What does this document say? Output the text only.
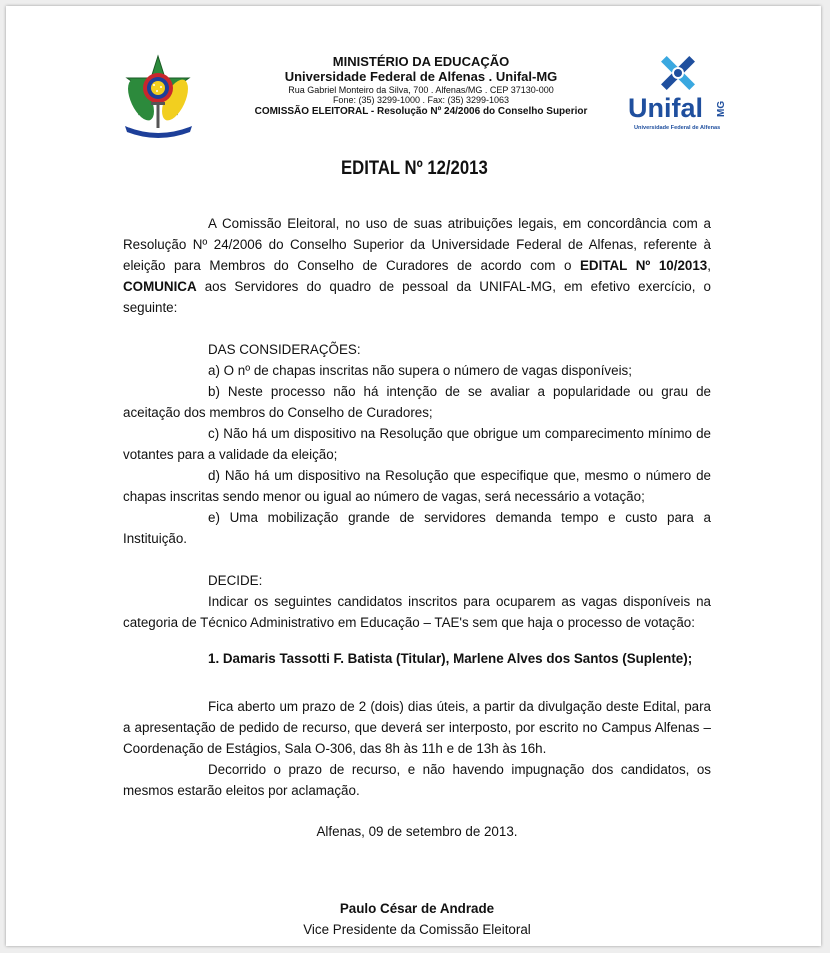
MINISTÉRIO DA EDUCAÇÃO
Universidade Federal de Alfenas . Unifal-MG
Rua Gabriel Monteiro da Silva, 700 . Alfenas/MG . CEP 37130-000
Fone: (35) 3299-1000 . Fax: (35) 3299-1063
COMISSÃO ELEITORAL - Resolução Nº 24/2006 do Conselho Superior	Unifal MG
Universidade Federal de Alfenas
EDITAL Nº 12/2013

A Comissão Eleitoral, no uso de suas atribuições legais, em concordância com a Resolução Nº 24/2006 do Conselho Superior da Universidade Federal de Alfenas, referente à eleição para Membros do Conselho de Curadores de acordo com o EDITAL Nº 10/2013, COMUNICA aos Servidores do quadro de pessoal da UNIFAL-MG, em efetivo exercício, o seguinte:

DAS CONSIDERAÇÕES:

a) O nº de chapas inscritas não supera o número de vagas disponíveis;

b) Neste processo não há intenção de se avaliar a popularidade ou grau de aceitação dos membros do Conselho de Curadores;

c) Não há um dispositivo na Resolução que obrigue um comparecimento mínimo de votantes para a validade da eleição;

d) Não há um dispositivo na Resolução que especifique que, mesmo o número de chapas inscritas sendo menor ou igual ao número de vagas, será necessário a votação;

e) Uma mobilização grande de servidores demanda tempo e custo para a Instituição.

DECIDE:

Indicar os seguintes candidatos inscritos para ocuparem as vagas disponíveis na categoria de Técnico Administrativo em Educação – TAE's sem que haja o processo de votação:

1. Damaris Tassotti F. Batista (Titular), Marlene Alves dos Santos (Suplente);

Fica aberto um prazo de 2 (dois) dias úteis, a partir da divulgação deste Edital, para a apresentação de pedido de recurso, que deverá ser interposto, por escrito no Campus Alfenas – Coordenação de Estágios, Sala O-306, das 8h às 11h e de 13h às 16h.

Decorrido o prazo de recurso, e não havendo impugnação dos candidatos, os mesmos estarão eleitos por aclamação.

Alfenas, 09 de setembro de 2013.

Paulo César de Andrade

Vice Presidente da Comissão Eleitoral
